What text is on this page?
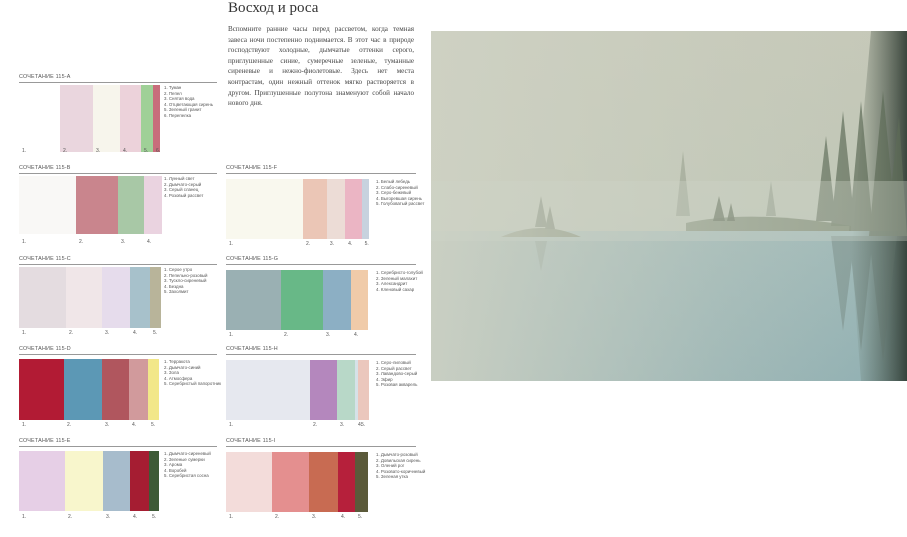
Восход и роса

Вспомните ранние часы перед рассветом, когда темная завеса ночи постепенно поднимается. В этот час в природе господствуют холодные, дымчатые оттенки серого, приглушенные синие, сумеречные зеленые, туманные сиреневые и нежно-фиолетовые. Здесь нет места контрастам, один нежный оттенок мягко растворяется в другом. Приглушенные полутона знаменуют собой начало нового дня.

СОЧЕТАНИЕ 115-A
1.	2.	3.	4.	5. 6.
1. Туман
2. Пепел
3. Снятая вода
4. Отцветающая сирень
5. Зеленый гранит
6. Перепелка
СОЧЕТАНИЕ 115-B
1.	2.	3.	4.
1. Лунный свет
2. Дымчато-серый
3. Серый сланец
4. Розовый рассвет
СОЧЕТАНИЕ 115-C
1.	2.	3.	4.	5.
1. Серое утро
2. Пепельно-розовый
3. Тускло-сиреневый
4. Бездна
5. Захолмит
СОЧЕТАНИЕ 115-D
1.	2.	3.	4.	5.
1. Терракота
2. Дымчато-синий
3. Зола
4. Атмосфера
5. Серебристый папоротник
СОЧЕТАНИЕ 115-E
1.	2.	3.	4.	5.
1. Дымчато-сиреневый
2. Зеленые сумерки
3. Арома
4. Воробей
5. Серебристая сосна
СОЧЕТАНИЕ 115-F
1.	2.	3.	4. 5.
1. Белый лебедь
2. Слабо-сиреневый
3. Серо-бежевый
4. Выгоревшая сирень
5. Голубоватый рассвет
СОЧЕТАНИЕ 115-G
1.	2.	3.	4.
1. Серебристо-голубой
2. Зеленый малахит
3. Александрит
4. Кленовый сахар
СОЧЕТАНИЕ 115-H
1.	2.	3.	4.
5.
1. Серо-лиловый
2. Серый рассвет
3. Лавандово-серый
4. Эфир
5. Розовая акварель
СОЧЕТАНИЕ 115-I
1.	2.	3.	4.	5.
1. Дымчато-розовый
2. Довильская сирень
3. Олений рог
4. Розовато-коричневый
5. Зеленая утка
